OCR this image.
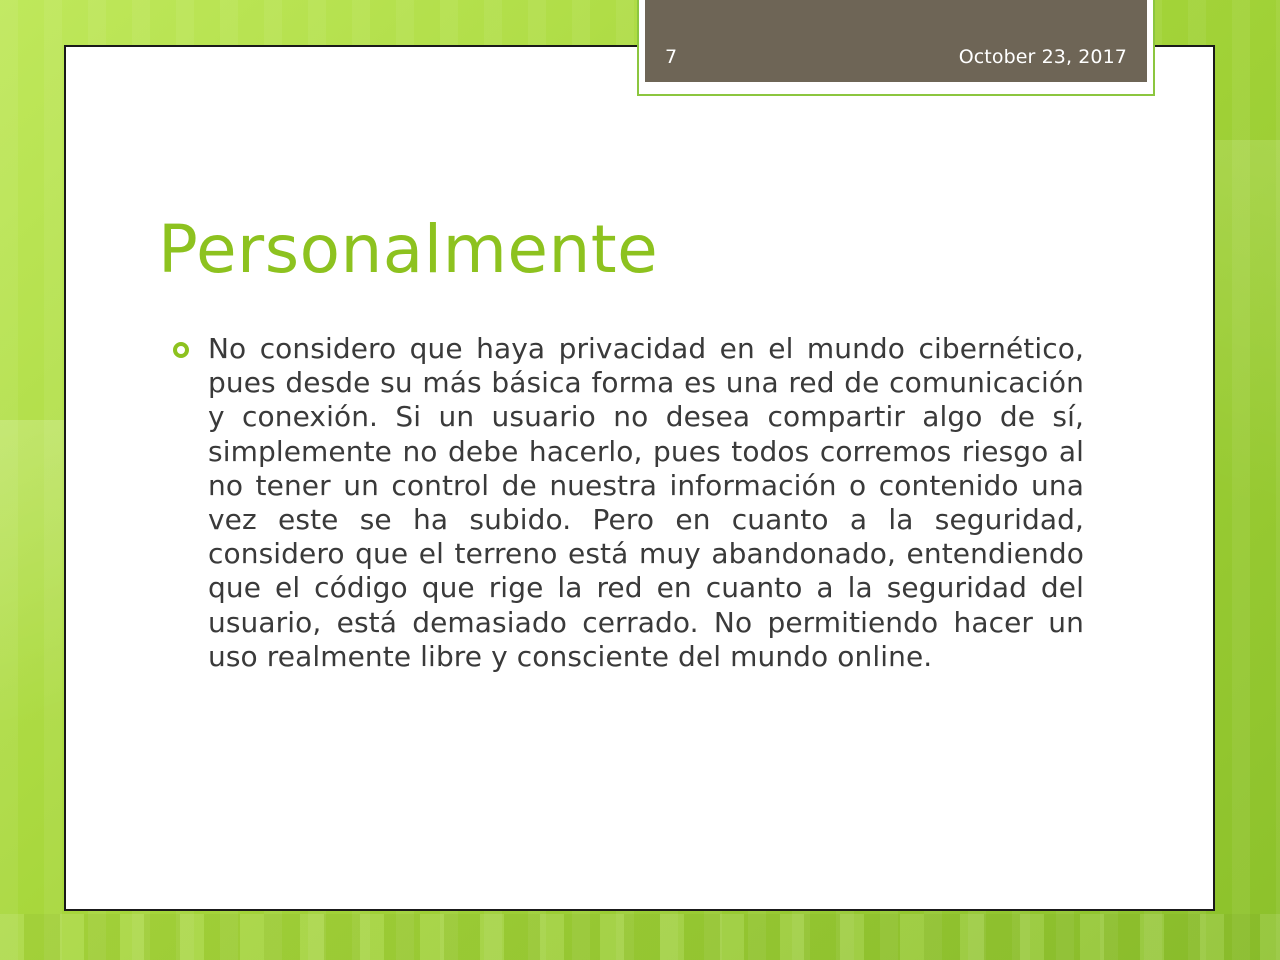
7	October 23, 2017
Personalmente

No considero que haya privacidad en el mundo cibernético, pues desde su más básica forma es una red de comunicación y conexión. Si un usuario no desea compartir algo de sí, simplemente no debe hacerlo, pues todos corremos riesgo al no tener un control de nuestra información o contenido una vez este se ha subido. Pero en cuanto a la seguridad, considero que el terreno está muy abandonado, entendiendo que el código que rige la red en cuanto a la seguridad del usuario, está demasiado cerrado. No permitiendo hacer un uso realmente libre y consciente del mundo online.
